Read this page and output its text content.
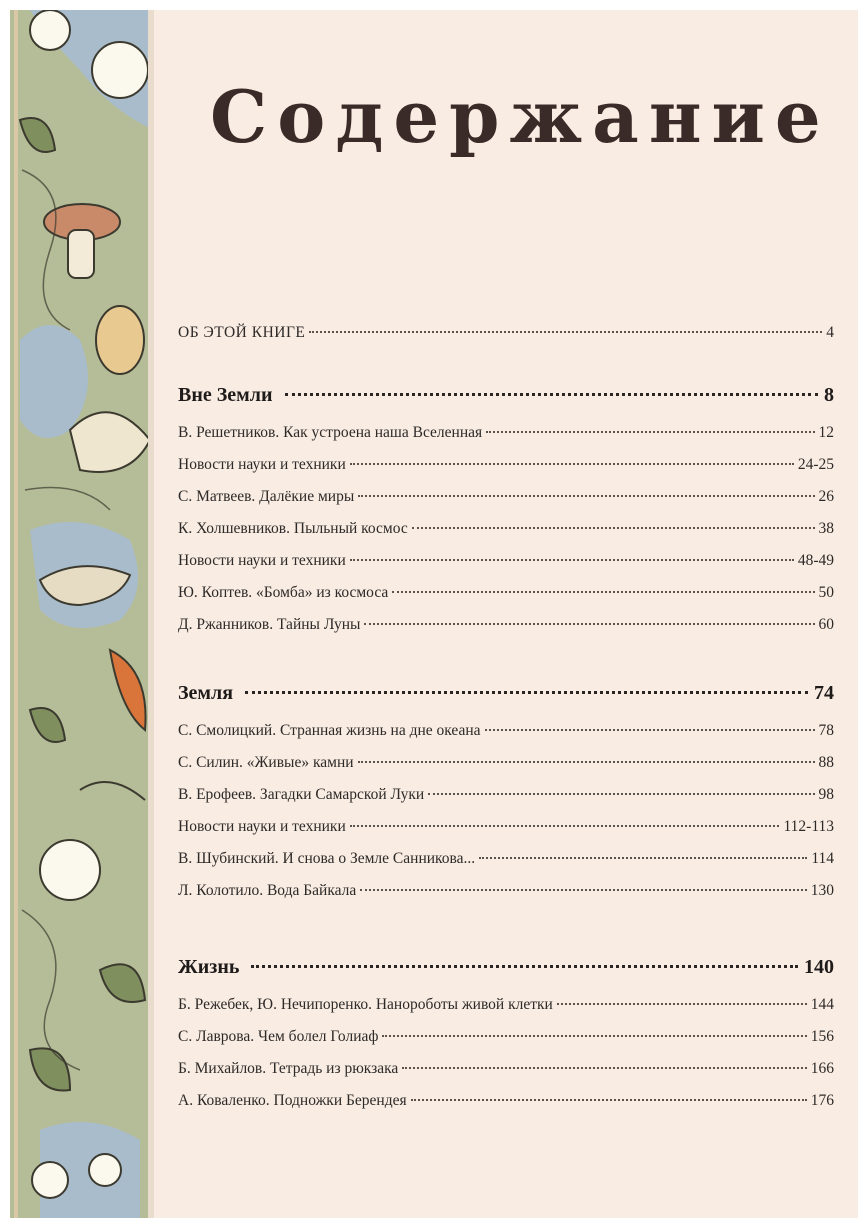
Содержание
ОБ ЭТОЙ КНИГЕ	4
Вне Земли	8
В. Решетников. Как устроена наша Вселенная	12
Новости науки и техники	24-25
С. Матвеев. Далёкие миры	26
К. Холшевников. Пыльный космос	38
Новости науки и техники	48-49
Ю. Коптев. «Бомба» из космоса	50
Д. Ржанников. Тайны Луны	60
Земля	74
С. Смолицкий. Странная жизнь на дне океана	78
С. Силин. «Живые» камни	88
В. Ерофеев. Загадки Самарской Луки	98
Новости науки и техники	112-113
В. Шубинский. И снова о Земле Санникова...	114
Л. Колотило. Вода Байкала	130
Жизнь	140
Б. Режебек, Ю. Нечипоренко. Нанороботы живой клетки	144
С. Лаврова. Чем болел Голиаф	156
Б. Михайлов. Тетрадь из рюкзака	166
А. Коваленко. Подножки Берендея	176
